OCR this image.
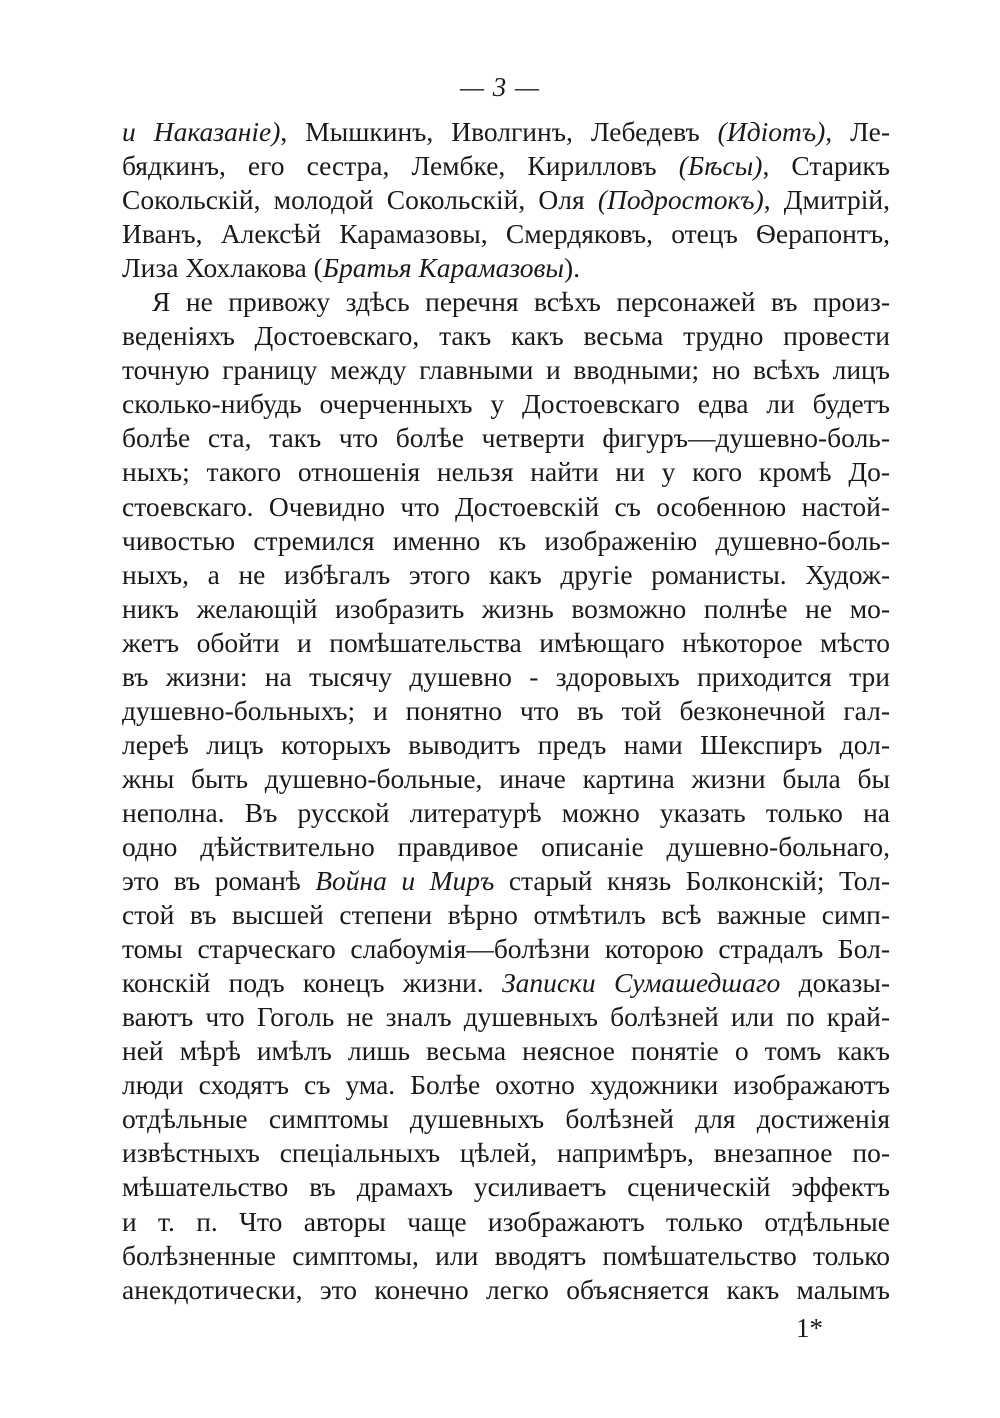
— 3 —
и Наказаніе), Мышкинъ, Иволгинъ, Лебедевъ (Идіотъ), Ле-
бядкинъ, его сестра, Лембке, Кирилловъ (Бѣсы), Старикъ
Сокольскій, молодой Сокольскій, Оля (Подростокъ), Дмитрій,
Иванъ, Алексѣй Карамазовы, Смердяковъ, отецъ Ѳерапонтъ,
Лиза Хохлакова (Братья Карамазовы).
Я не привожу здѣсь перечня всѣхъ персонажей въ произ-
веденіяхъ Достоевскаго, такъ какъ весьма трудно провести
точную границу между главными и вводными; но всѣхъ лицъ
сколько-нибудь очерченныхъ у Достоевскаго едва ли будетъ
болѣе ста, такъ что болѣе четверти фигуръ—душевно-боль-
ныхъ; такого отношенія нельзя найти ни у кого кромѣ До-
стоевскаго. Очевидно что Достоевскій съ особенною настой-
чивостью стремился именно къ изображенію душевно-боль-
ныхъ, а не избѣгалъ этого какъ другіе романисты. Худож-
никъ желающій изобразить жизнь возможно полнѣе не мо-
жетъ обойти и помѣшательства имѣющаго нѣкоторое мѣсто
въ жизни: на тысячу душевно - здоровыхъ приходится три
душевно-больныхъ; и понятно что въ той безконечной гал-
лереѣ лицъ которыхъ выводитъ предъ нами Шекспиръ дол-
жны быть душевно-больные, иначе картина жизни была бы
неполна. Въ русской литературѣ можно указать только на
одно дѣйствительно правдивое описаніе душевно-больнаго,
это въ романѣ Война и Миръ старый князь Болконскій; Тол-
стой въ высшей степени вѣрно отмѣтилъ всѣ важные симп-
томы старческаго слабоумія—болѣзни которою страдалъ Бол-
конскій подъ конецъ жизни. Записки Сумашедшаго доказы-
ваютъ что Гоголь не зналъ душевныхъ болѣзней или по край-
ней мѣрѣ имѣлъ лишь весьма неясное понятіе о томъ какъ
люди сходятъ съ ума. Болѣе охотно художники изображаютъ
отдѣльные симптомы душевныхъ болѣзней для достиженія
извѣстныхъ спеціальныхъ цѣлей, напримѣръ, внезапное по-
мѣшательство въ драмахъ усиливаетъ сценическій эффектъ
и т. п. Что авторы чаще изображаютъ только отдѣльные
болѣзненные симптомы, или вводятъ помѣшательство только
анекдотически, это конечно легко объясняется какъ малымъ
1*
